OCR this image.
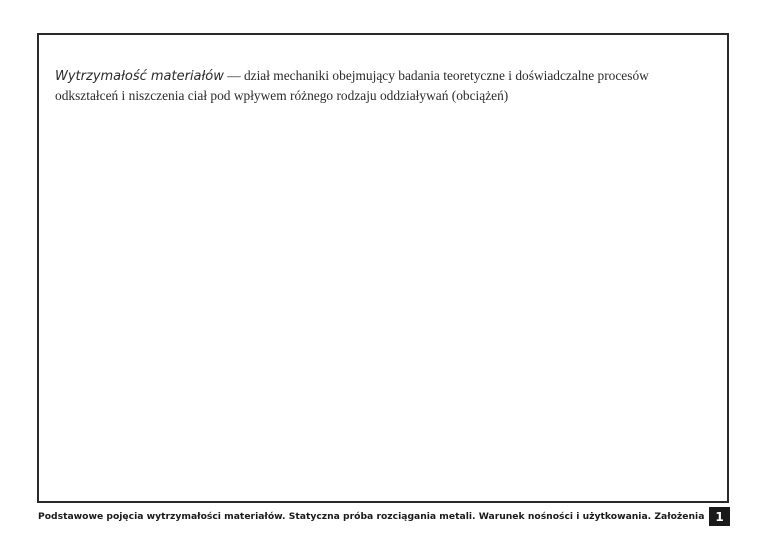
Wytrzymałość materiałów — dział mechaniki obejmujący badania teoretyczne i doświadczalne procesów odkształceń i niszczenia ciał pod wpływem różnego rodzaju oddziaływań (obciążeń)

Podstawowe pojęcia wytrzymałości materiałów. Statyczna próba rozciągania metali. Warunek nośności i użytkowania. Założenia 1
